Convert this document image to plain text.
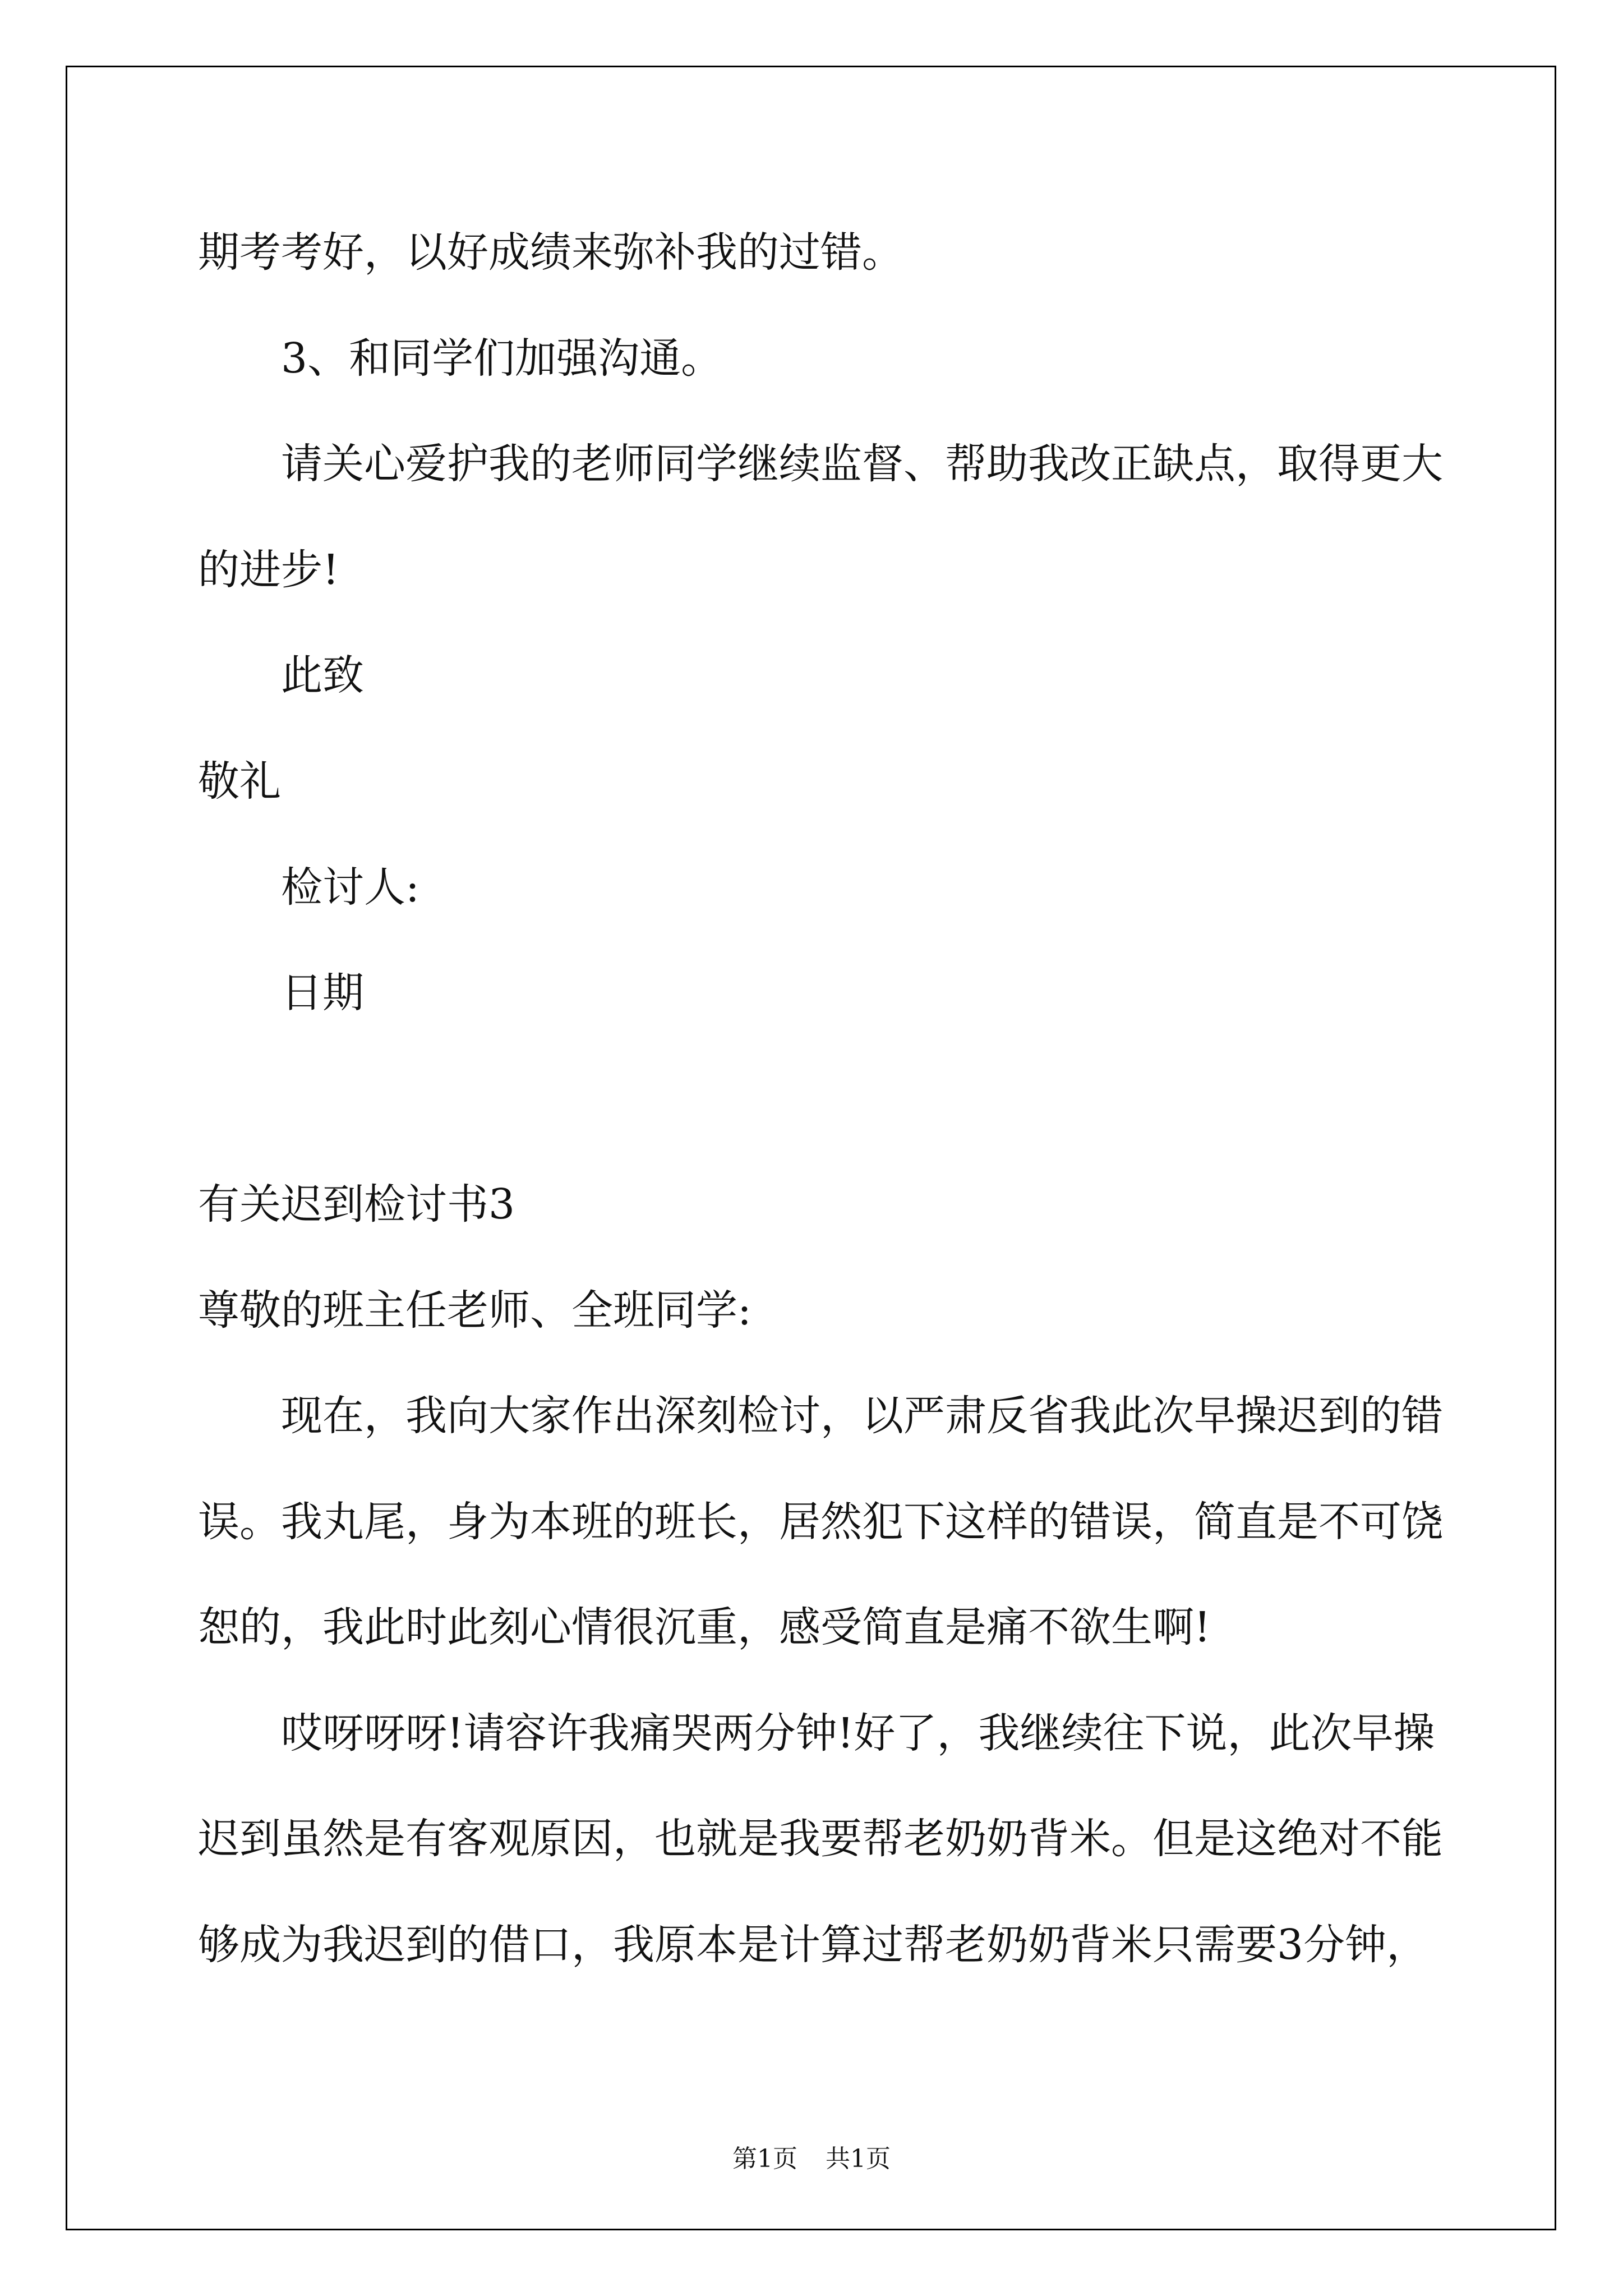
期考考好，以好成绩来弥补我的过错。
3、和同学们加强沟通。
请关心爱护我的老师同学继续监督、帮助我改正缺点，取得更大
的进步!
此致
敬礼
检讨人:
日期
有关迟到检讨书3
尊敬的班主任老师、全班同学:
现在，我向大家作出深刻检讨，以严肃反省我此次早操迟到的错
误。我丸尾，身为本班的班长，居然犯下这样的错误，简直是不可饶
恕的，我此时此刻心情很沉重，感受简直是痛不欲生啊!
哎呀呀呀!请容许我痛哭两分钟!好了，我继续往下说，此次早操
迟到虽然是有客观原因，也就是我要帮老奶奶背米。但是这绝对不能
够成为我迟到的借口，我原本是计算过帮老奶奶背米只需要3分钟，
第1页 共1页
